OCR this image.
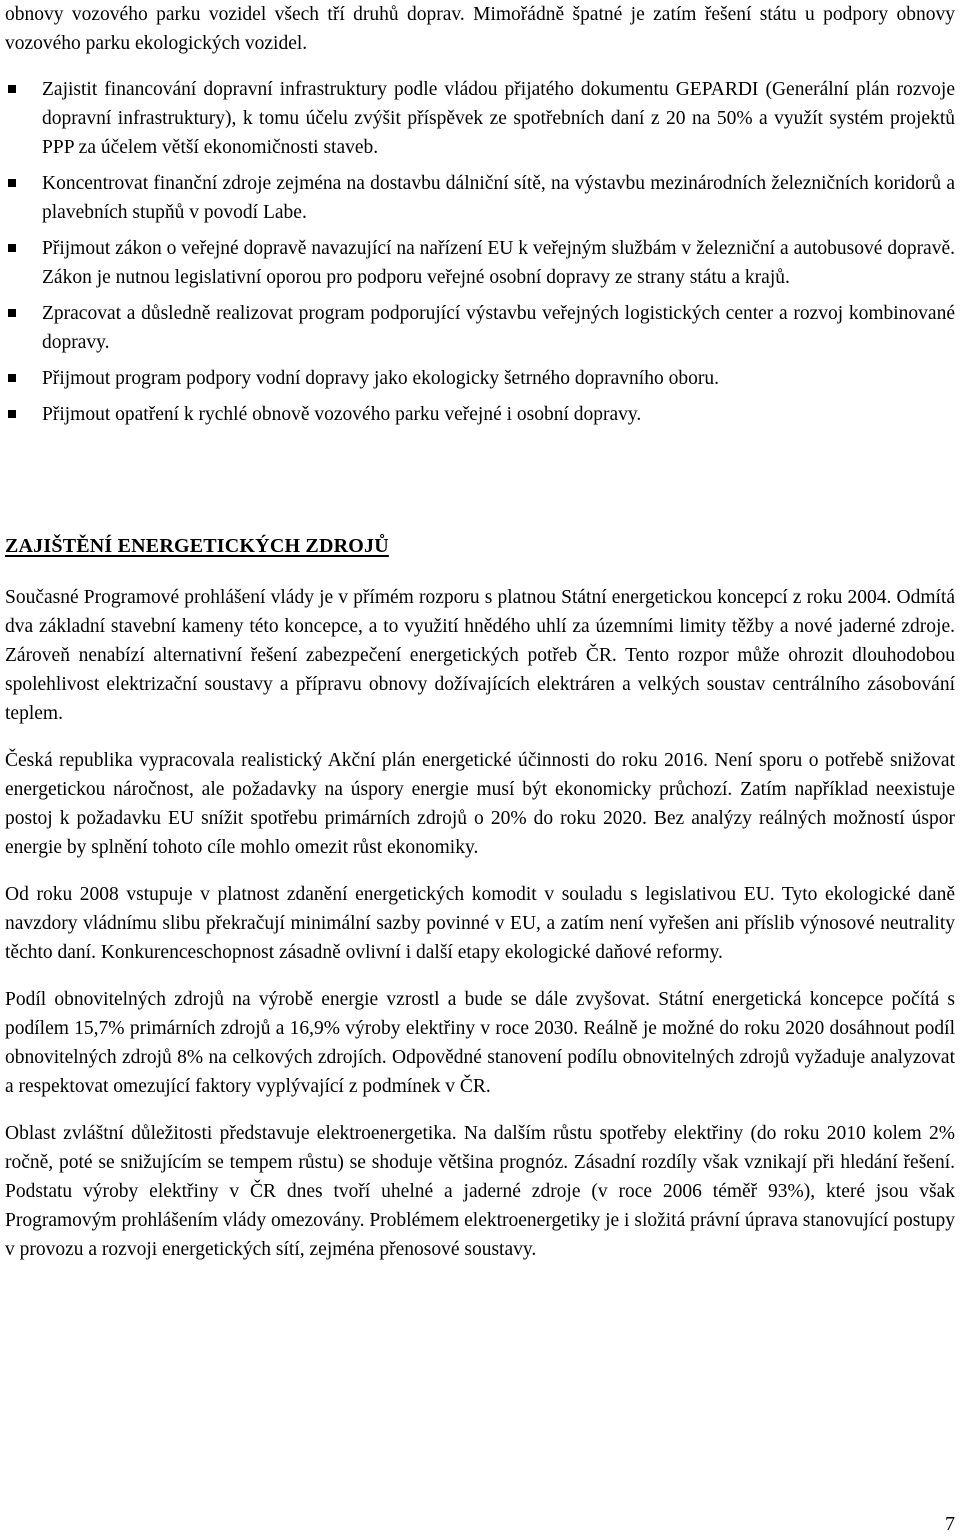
obnovy vozového parku vozidel všech tří druhů doprav. Mimořádně špatné je zatím řešení státu u podpory obnovy vozového parku ekologických vozidel.

Zajistit financování dopravní infrastruktury podle vládou přijatého dokumentu GEPARDI (Generální plán rozvoje dopravní infrastruktury), k tomu účelu zvýšit příspěvek ze spotřebních daní z 20 na 50% a využít systém projektů PPP za účelem větší ekonomičnosti staveb.
Koncentrovat finanční zdroje zejména na dostavbu dálniční sítě, na výstavbu mezinárodních železničních koridorů a plavebních stupňů v povodí Labe.
Přijmout zákon o veřejné dopravě navazující na nařízení EU k veřejným službám v železniční a autobusové dopravě. Zákon je nutnou legislativní oporou pro podporu veřejné osobní dopravy ze strany státu a krajů.
Zpracovat a důsledně realizovat program podporující výstavbu veřejných logistických center a rozvoj kombinované dopravy.
Přijmout program podpory vodní dopravy jako ekologicky šetrného dopravního oboru.
Přijmout opatření k rychlé obnově vozového parku veřejné i osobní dopravy.
ZAJIŠTĚNÍ ENERGETICKÝCH ZDROJŮ

Současné Programové prohlášení vlády je v přímém rozporu s platnou Státní energetickou koncepcí z roku 2004. Odmítá dva základní stavební kameny této koncepce, a to využití hnědého uhlí za územními limity těžby a nové jaderné zdroje. Zároveň nenabízí alternativní řešení zabezpečení energetických potřeb ČR. Tento rozpor může ohrozit dlouhodobou spolehlivost elektrizační soustavy a přípravu obnovy dožívajících elektráren a velkých soustav centrálního zásobování teplem.

Česká republika vypracovala realistický Akční plán energetické účinnosti do roku 2016. Není sporu o potřebě snižovat energetickou náročnost, ale požadavky na úspory energie musí být ekonomicky průchozí. Zatím například neexistuje postoj k požadavku EU snížit spotřebu primárních zdrojů o 20% do roku 2020. Bez analýzy reálných možností úspor energie by splnění tohoto cíle mohlo omezit růst ekonomiky.

Od roku 2008 vstupuje v platnost zdanění energetických komodit v souladu s legislativou EU. Tyto ekologické daně navzdory vládnímu slibu překračují minimální sazby povinné v EU, a zatím není vyřešen ani příslib výnosové neutrality těchto daní. Konkurenceschopnost zásadně ovlivní i další etapy ekologické daňové reformy.

Podíl obnovitelných zdrojů na výrobě energie vzrostl a bude se dále zvyšovat. Státní energetická koncepce počítá s podílem 15,7% primárních zdrojů a 16,9% výroby elektřiny v roce 2030. Reálně je možné do roku 2020 dosáhnout podíl obnovitelných zdrojů 8% na celkových zdrojích. Odpovědné stanovení podílu obnovitelných zdrojů vyžaduje analyzovat a respektovat omezující faktory vyplývající z podmínek v ČR.

Oblast zvláštní důležitosti představuje elektroenergetika. Na dalším růstu spotřeby elektřiny (do roku 2010 kolem 2% ročně, poté se snižujícím se tempem růstu) se shoduje většina prognóz. Zásadní rozdíly však vznikají při hledání řešení. Podstatu výroby elektřiny v ČR dnes tvoří uhelné a jaderné zdroje (v roce 2006 téměř 93%), které jsou však Programovým prohlášením vlády omezovány. Problémem elektroenergetiky je i složitá právní úprava stanovující postupy v provozu a rozvoji energetických sítí, zejména přenosové soustavy.

7
